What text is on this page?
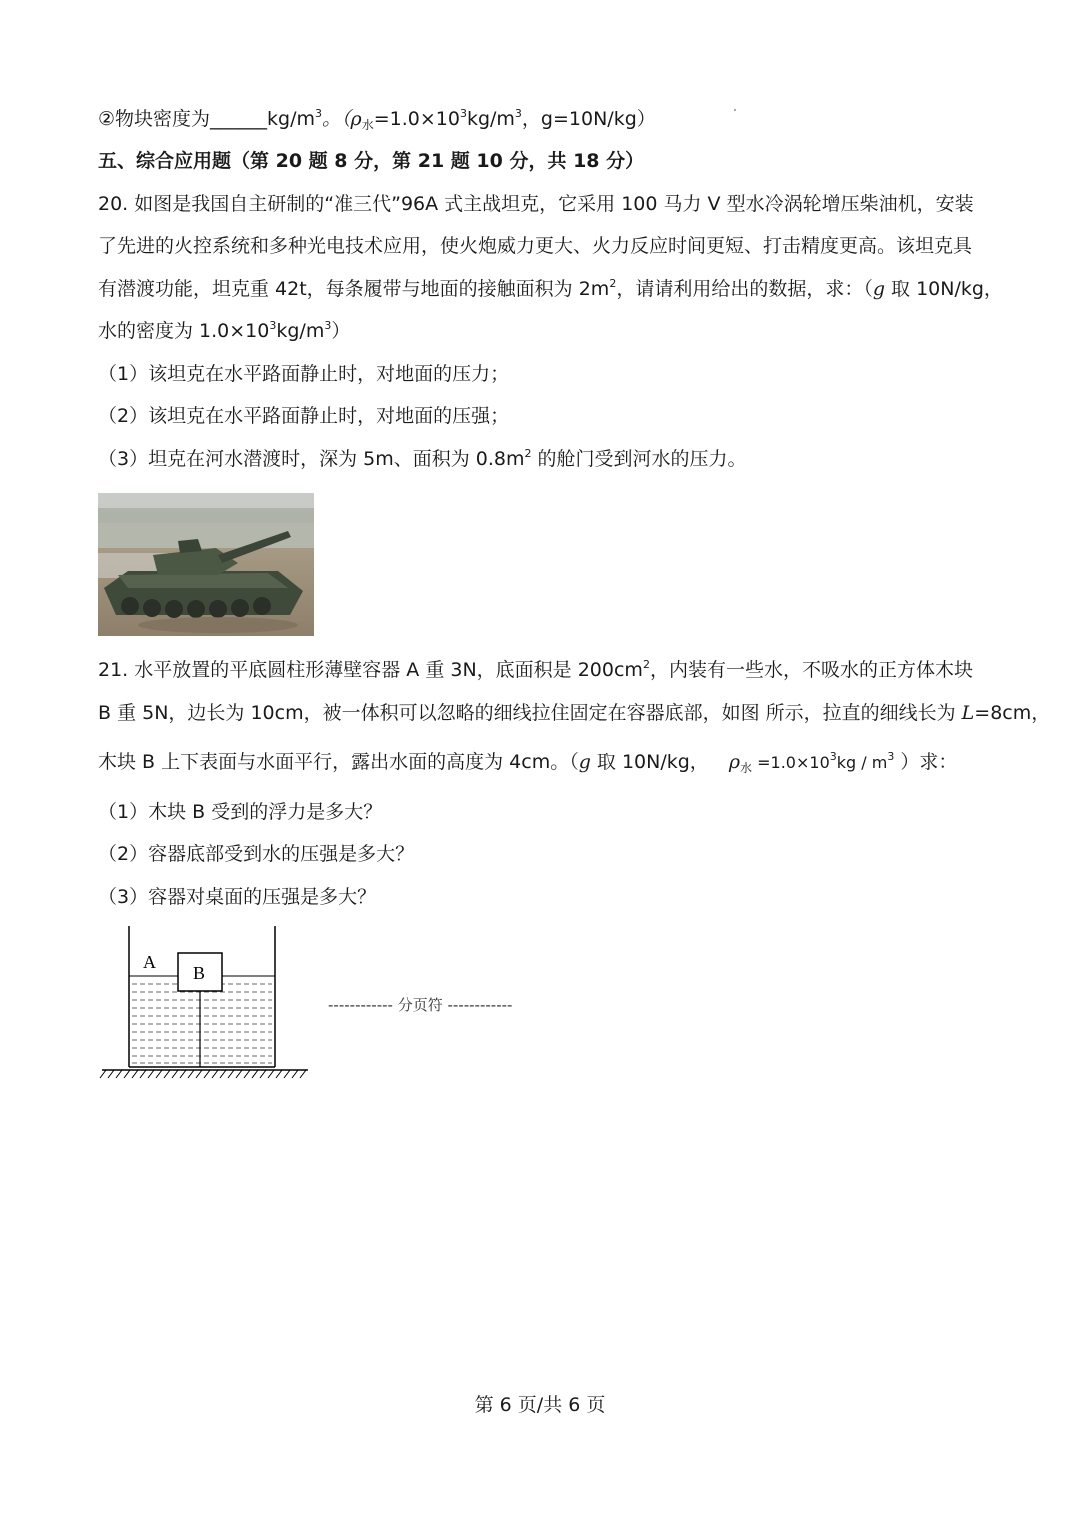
②物块密度为$\_\_\_\_\_\_kg/m^3$。（$\rho_水=1.0\times 10^3kg/m^3$，g=10N/kg）
五、综合应用题（第 20 题 8 分，第 21 题 10 分，共 18 分）
20. 如图是我国自主研制的“准三代”96A 式主战坦克，它采用 100 马力 V 型水冷涡轮增压柴油机，安装
了先进的火控系统和多种光电技术应用，使火炮威力更大、火力反应时间更短、打击精度更高。该坦克具
有潜渡功能，坦克重 42t，每条履带与地面的接触面积为 $2m^2$，请请利用给出的数据，求：（g 取 10N/kg，
水的密度为 $1.0\times 10^3kg/m^3$）
（1）该坦克在水平路面静止时，对地面的压力；
（2）该坦克在水平路面静止时，对地面的压强；
（3）坦克在河水潜渡时，深为 5m、面积为 $0.8m^2$ 的舱门受到河水的压力。
21. 水平放置的平底圆柱形薄壁容器 A 重 3N，底面积是 $200cm^2$，内装有一些水，不吸水的正方体木块
B 重 5N，边长为 10cm，被一体积可以忽略的细线拉住固定在容器底部，如图 所示，拉直的细线长为 L=8cm，
木块 B 上下表面与水面平行，露出水面的高度为 4cm。（g 取 10N/kg， $\rho_水 =1.0\times 10^3kg / m^3$ ）求：
（1）木块 B 受到的浮力是多大？
（2）容器底部受到水的压强是多大？
（3）容器对桌面的压强是多大？
A
B
------------ 分页符 ------------
第 6 页/共 6 页
